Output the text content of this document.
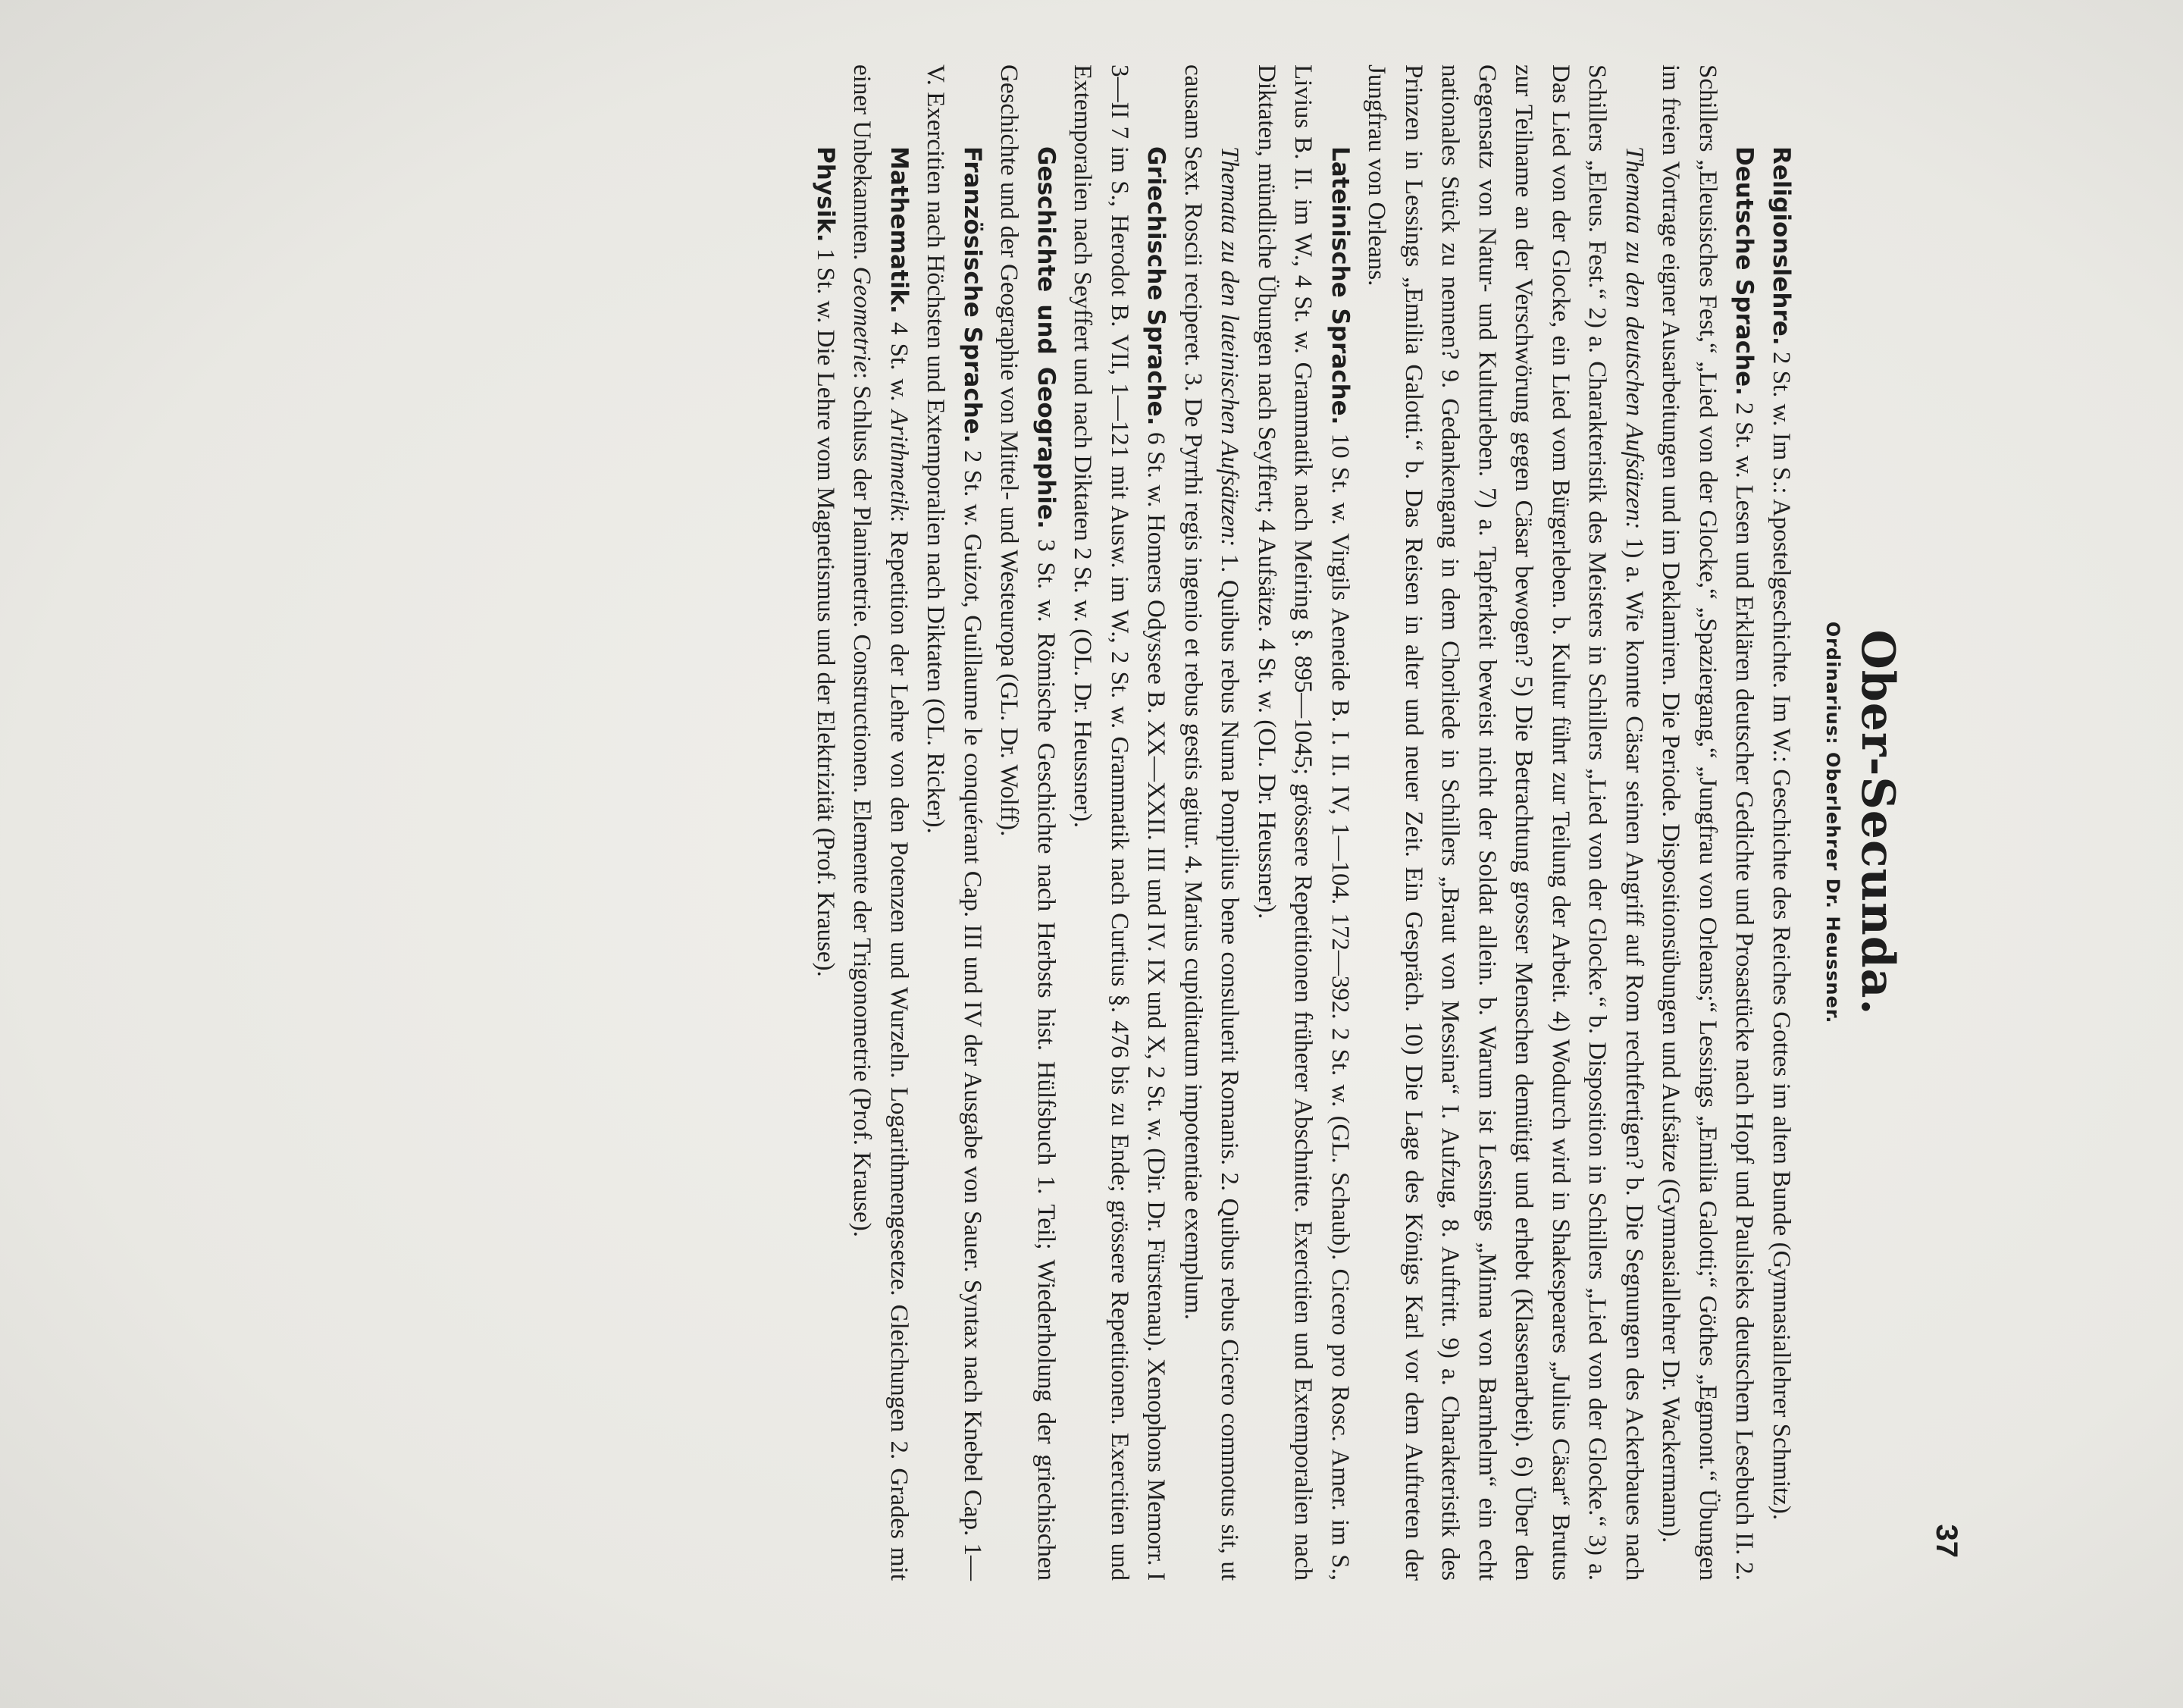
37
Ober-Secunda.
Ordinarius: Oberlehrer Dr. Heussner.

Religionslehre. 2 St. w. Im S.: Apostelgeschichte. Im W.: Geschichte des Reiches Gottes im alten Bunde (Gymnasiallehrer Schmitz).

Deutsche Sprache. 2 St. w. Lesen und Erklären deutscher Gedichte und Prosastücke nach Hopf und Paulsieks deutschem Lesebuch II. 2. Schillers „Eleusisches Fest,“ „Lied von der Glocke,“ „Spaziergang,“ „Jungfrau von Orleans;“ Lessings „Emilia Galotti;“ Göthes „Egmont.“ Übungen im freien Vortrage eigner Ausarbeitungen und im Deklamiren. Die Periode. Dispositionsübungen und Aufsätze (Gymnasiallehrer Dr. Wackermann).

Themata zu den deutschen Aufsätzen: 1) a. Wie konnte Cäsar seinen Angriff auf Rom rechtfertigen? b. Die Segnungen des Ackerbaues nach Schillers „Eleus. Fest.“ 2) a. Charakteristik des Meisters in Schillers „Lied von der Glocke.“ b. Disposition in Schillers „Lied von der Glocke.“ 3) a. Das Lied von der Glocke, ein Lied vom Bürgerleben. b. Kultur führt zur Teilung der Arbeit. 4) Wodurch wird in Shakespeares „Julius Cäsar“ Brutus zur Teilname an der Verschwörung gegen Cäsar bewogen? 5) Die Betrachtung grosser Menschen demütigt und erhebt (Klassenarbeit). 6) Über den Gegensatz von Natur- und Kulturleben. 7) a. Tapferkeit beweist nicht der Soldat allein. b. Warum ist Lessings „Minna von Barnhelm“ ein echt nationales Stück zu nennen? 9. Gedankengang in dem Chorliede in Schillers „Braut von Messina“ I. Aufzug, 8. Auftritt. 9) a. Charakteristik des Prinzen in Lessings „Emilia Galotti.“ b. Das Reisen in alter und neuer Zeit. Ein Gespräch. 10) Die Lage des Königs Karl vor dem Auftreten der Jungfrau von Orleans.

Lateinische Sprache. 10 St. w. Virgils Aeneide B. I. II. IV, 1—104. 172—392. 2 St. w. (GL. Schaub). Cicero pro Rosc. Amer. im S., Livius B. II. im W., 4 St. w. Grammatik nach Meiring §. 895—1045; grössere Repetitionen früherer Abschnitte. Exercitien und Extemporalien nach Diktaten, mündliche Übungen nach Seyffert; 4 Aufsätze. 4 St. w. (OL. Dr. Heussner).

Themata zu den lateinischen Aufsätzen: 1. Quibus rebus Numa Pompilius bene consuluerit Romanis. 2. Quibus rebus Cicero commotus sit, ut causam Sext. Roscii reciperet. 3. De Pyrrhi regis ingenio et rebus gestis agitur. 4. Marius cupiditatum impotentiae exemplum.

Griechische Sprache. 6 St. w. Homers Odyssee B. XX—XXII. III und IV. IX und X, 2 St. w. (Dir. Dr. Fürstenau). Xenophons Memorr. I 3—II 7 im S., Herodot B. VII, 1—121 mit Ausw. im W., 2 St. w. Grammatik nach Curtius §. 476 bis zu Ende; grössere Repetitionen. Exercitien und Extemporalien nach Seyffert und nach Diktaten 2 St. w. (OL. Dr. Heussner).

Geschichte und Geographie. 3 St. w. Römische Geschichte nach Herbsts hist. Hülfsbuch 1. Teil; Wiederholung der griechischen Geschichte und der Geographie von Mittel- und Westeuropa (GL. Dr. Wolff).

Französische Sprache. 2 St. w. Guizot, Guillaume le conquérant Cap. III und IV der Ausgabe von Sauer. Syntax nach Knebel Cap. 1—V. Exercitien nach Höchsten und Extemporalien nach Diktaten (OL. Ricker).

Mathematik. 4 St. w. Arithmetik: Repetition der Lehre von den Potenzen und Wurzeln. Logarithmengesetze. Gleichungen 2. Grades mit einer Unbekannten. Geometrie: Schluss der Planimetrie. Constructionen. Elemente der Trigonometrie (Prof. Krause).

Physik. 1 St. w. Die Lehre vom Magnetismus und der Elektrizität (Prof. Krause).
